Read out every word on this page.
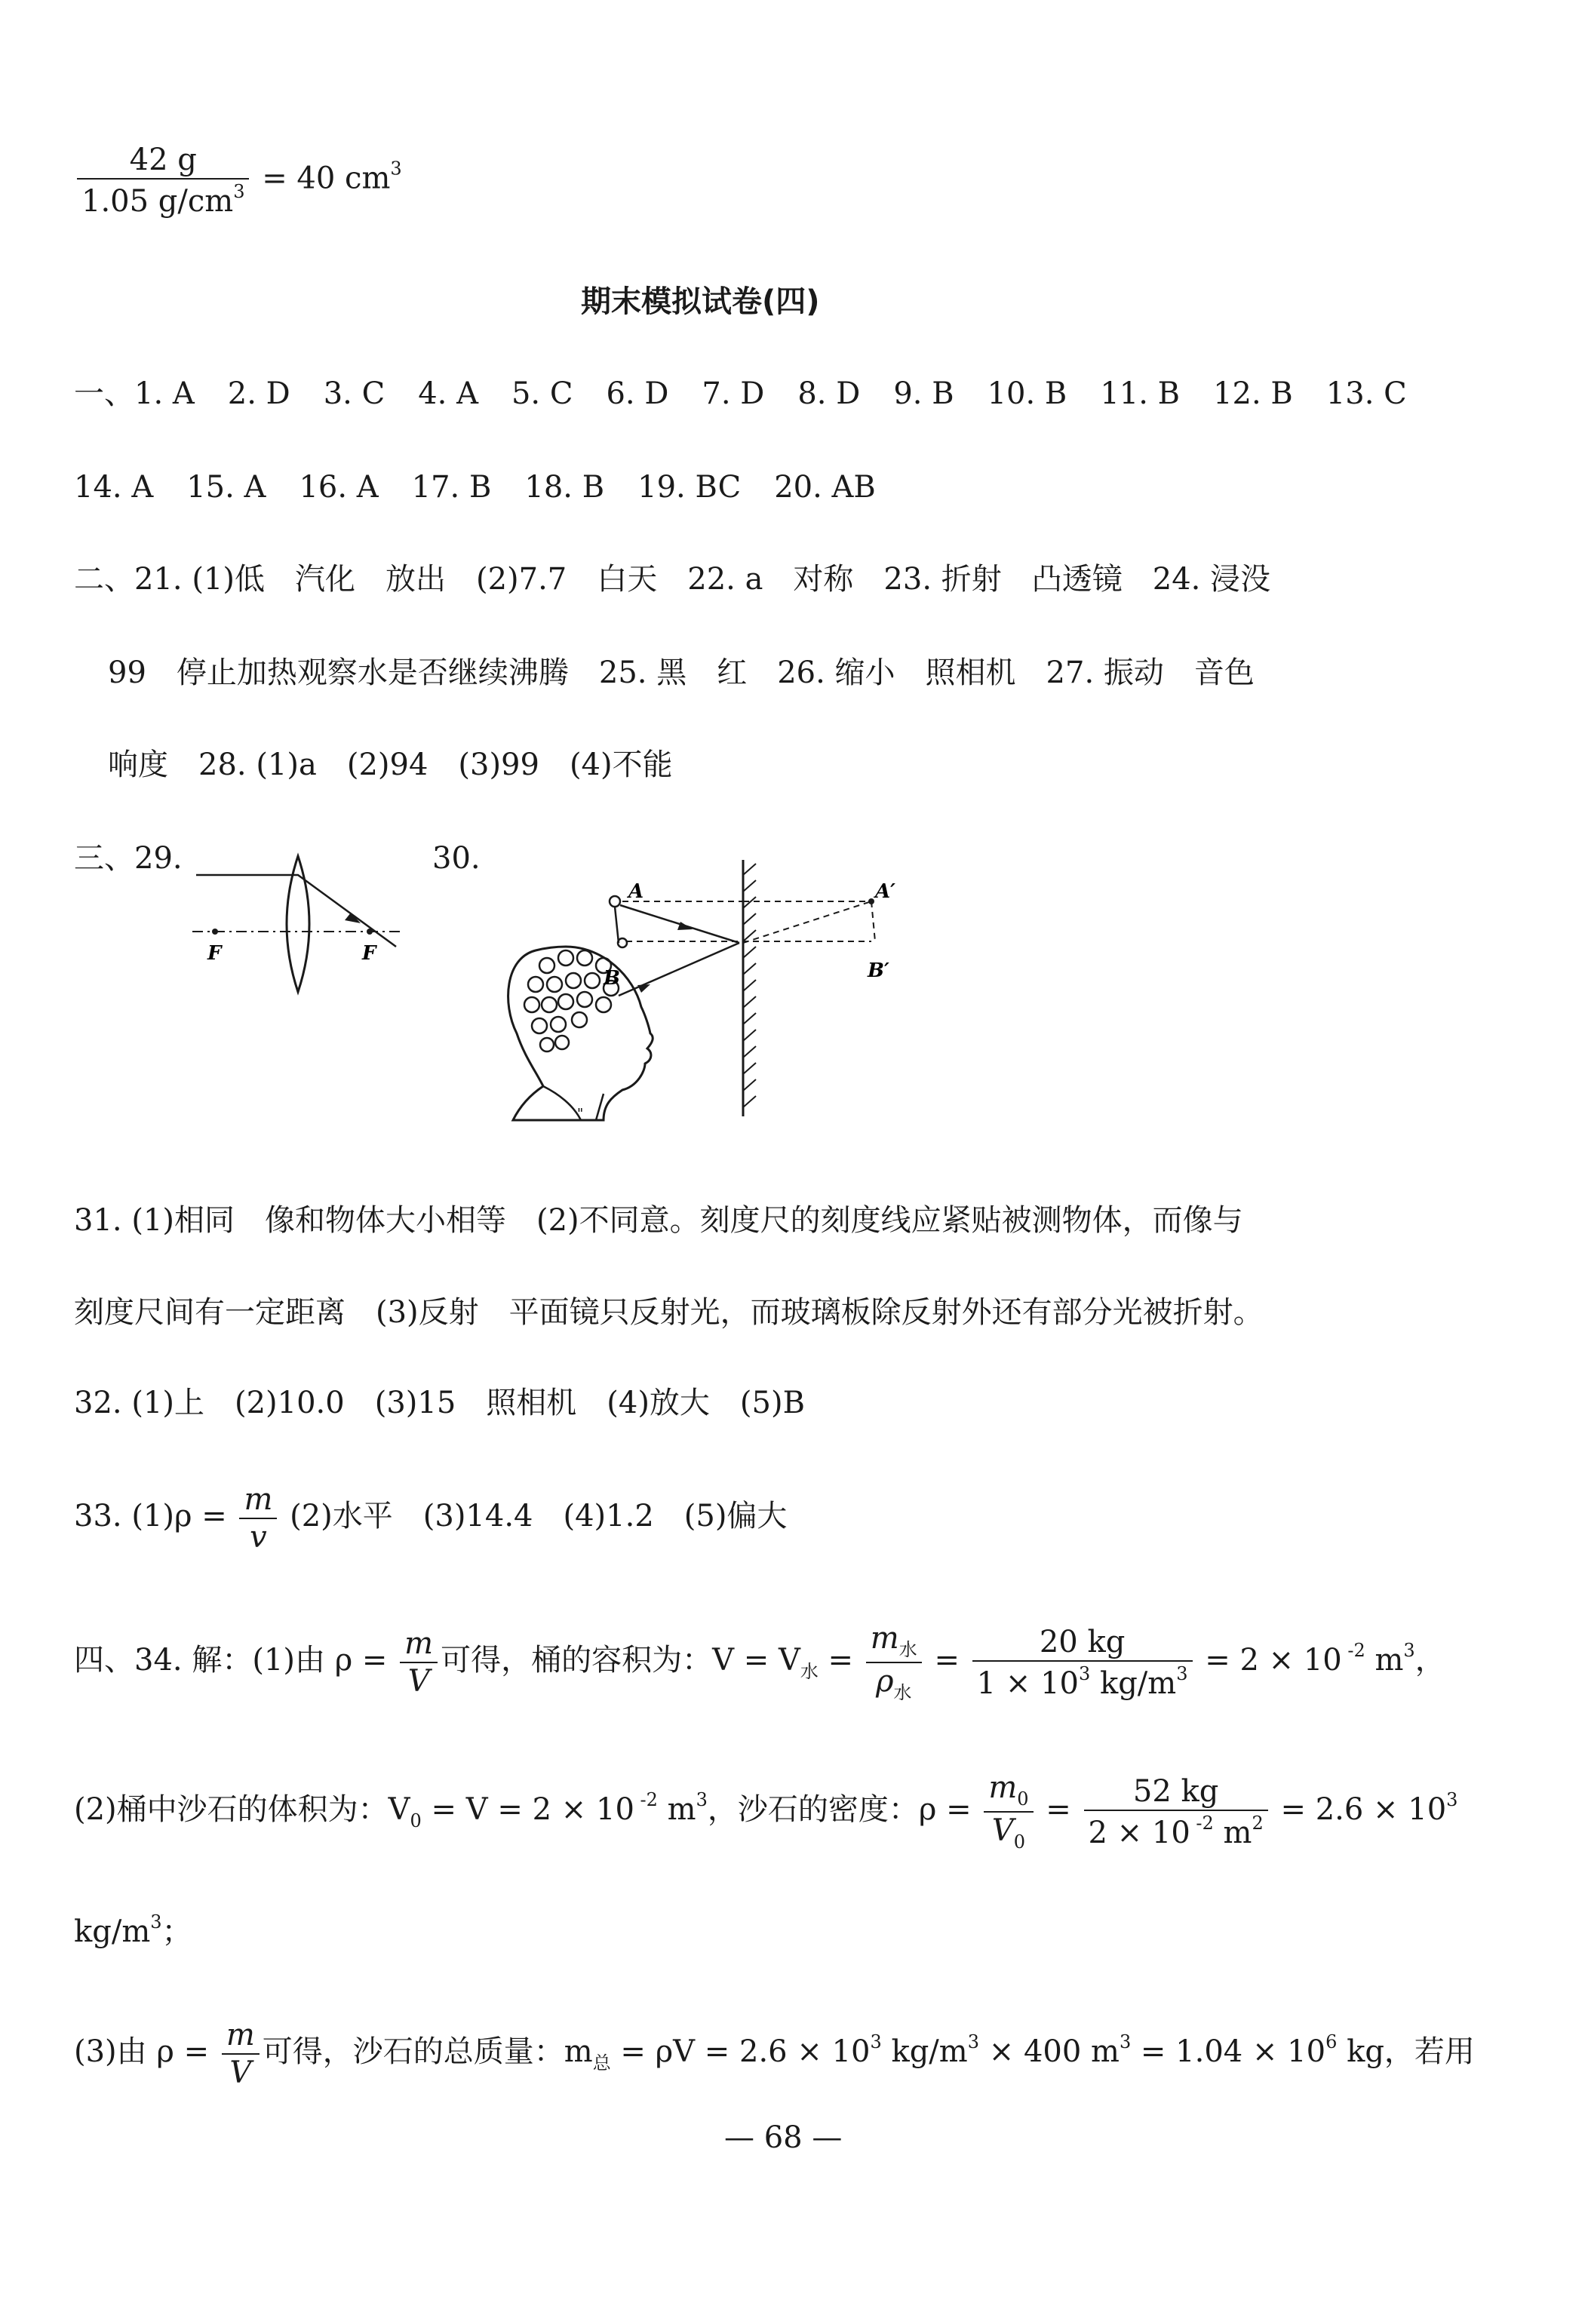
$\frac{42 g}{1.05 g/cm^3} = 40$ $cm^3$
期末模拟试卷(四)
一、1. A 2. D 3. C 4. A 5. C 6. D 7. D 8. D 9. B 10. B 11. B 12. B 13. C
14. A 15. A 16. A 17. B 18. B 19. BC 20. AB
二、21. (1)低　汽化　放出　(2)7.7　白天　22. a　对称　23. 折射　凸透镜　24. 浸没
99　停止加热观察水是否继续沸腾　25. 黑　红　26. 缩小　照相机　27. 振动　音色
响度　28. (1)a　(2)94　(3)99　(4)不能
三、29.	30.
F	F
"
A
B
A′
B′
31. (1)相同　像和物体大小相等　(2)不同意。刻度尺的刻度线应紧贴被测物体，而像与
刻度尺间有一定距离　(3)反射　平面镜只反射光，而玻璃板除反射外还有部分光被折射。
32. (1)上　(2)10.0　(3)15　照相机　(4)放大　(5)B
33. $(1)\rho = \frac{m}{v} (2)$水平　(3)14.4　(4)1.2　(5)偏大
四、34. 解：(1)由 $\rho = \frac{m}{V}$ 可得，桶的容积为：$V = V_水 = \frac{m_水}{\rho_水} = \frac{20 kg}{1 \times 10^3 kg/m^3} = 2 \times 10$ $^{-2}$ $m^3$，
(2)桶中沙石的体积为：$V_0 = V = 2 \times 10$ $^{-2}$ $m^3$，沙石的密度：$\rho = \frac{m_0}{V_0} = \frac{52 kg}{2 \times 10 ^{-2} m^2} = 2.6 \times 10^3$
$kg/m^3$；
(3)由 $\rho = \frac{m}{V}$ 可得，沙石的总质量：$m_总 = \rho V = 2.6 \times 10^3$ $kg/m^3 \times 400$ $m^3 = 1.04 \times 10^6$ kg，若用
— 68 —
